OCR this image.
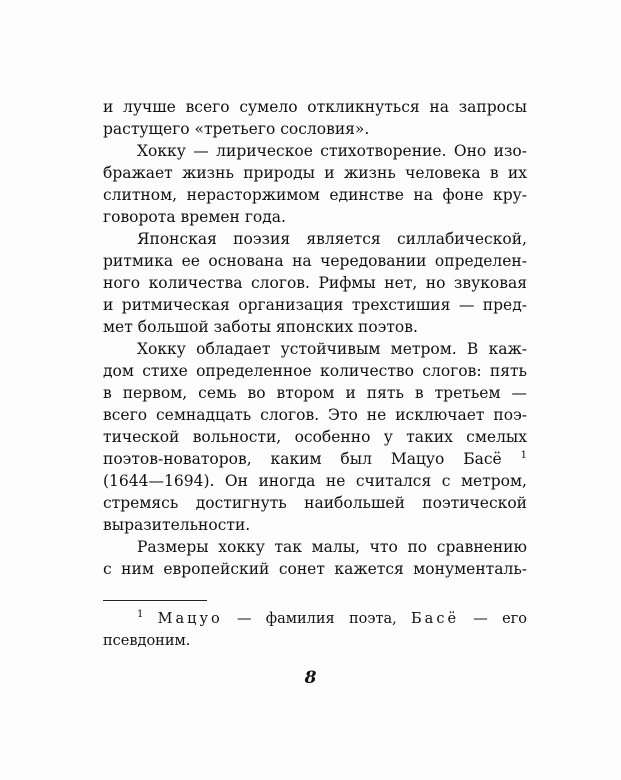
и лучше всего сумело откликнуться на запросы
растущего «третьего сословия».
Хокку — лирическое стихотворение. Оно изо-
бражает жизнь природы и жизнь человека в их
слитном, нерасторжимом единстве на фоне кру-
говорота времен года.
Японская поэзия является силлабической,
ритмика ее основана на чередовании определен-
ного количества слогов. Рифмы нет, но звуковая
и ритмическая организация трехстишия — пред-
мет большой заботы японских поэтов.
Хокку обладает устойчивым метром. В каж-
дом стихе определенное количество слогов: пять
в первом, семь во втором и пять в третьем —
всего семнадцать слогов. Это не исключает поэ-
тической вольности, особенно у таких смелых
поэтов-новаторов, каким был Мацуо Басё $^1$
(1644—1694). Он иногда не считался с метром,
стремясь достигнуть наибольшей поэтической
выразительности.
Размеры хокку так малы, что по сравнению
с ним европейский сонет кажется монументаль-
$^1$ Мацуо — фамилия поэта, Басё — его
псевдоним.
8
